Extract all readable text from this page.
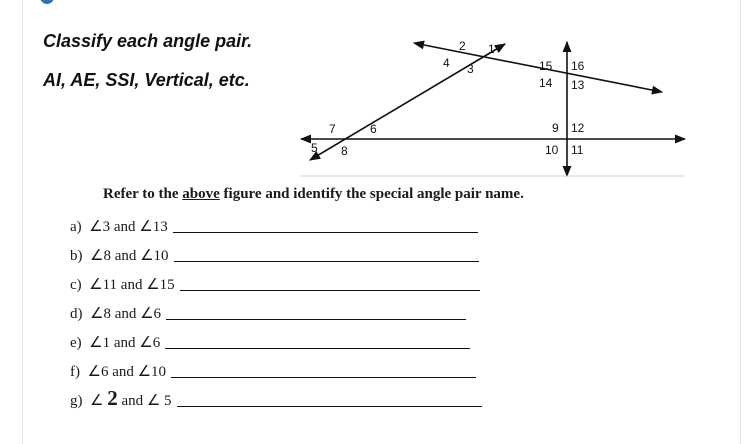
Classify each angle pair.
AI, AE, SSI, Vertical, etc.
2 1
4 3	15 16
14 13
7	6
5 8
9 12
10 11
Refer to the above figure and identify the special angle pair name.
a) ∠3 and ∠13
b) ∠8 and ∠10
c) ∠11 and ∠15
d) ∠8 and ∠6
e) ∠1 and ∠6
f) ∠6 and ∠10
g) ∠ 2 and ∠ 5
